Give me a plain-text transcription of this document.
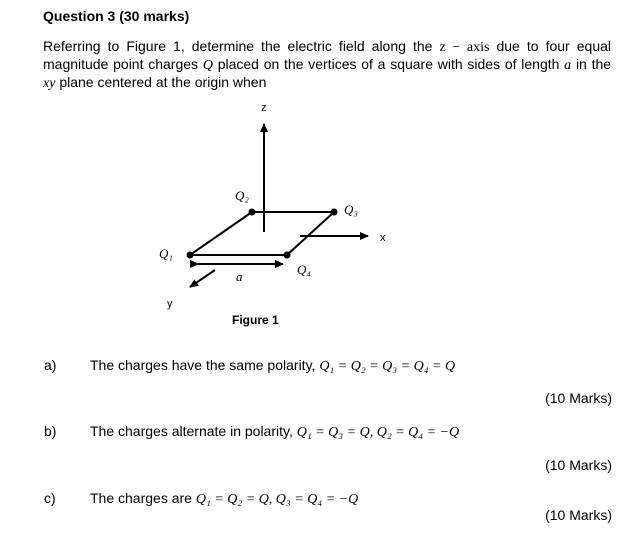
Question 3 (30 marks)
Referring to Figure 1, determine the electric field along the z − axis due to four equal magnitude point charges Q placed on the vertices of a square with sides of length a in the xy plane centered at the origin when
z
x
y
Q₁
Q₂
Q₃
Q₄
a
Figure 1
a) The charges have the same polarity, Q₁ = Q₂ = Q₃ = Q₄ = Q
(10 Marks)
b) The charges alternate in polarity, Q₁ = Q₃ = Q, Q₂ = Q₄ = −Q
(10 Marks)
c) The charges are Q₁ = Q₂ = Q, Q₃ = Q₄ = −Q
(10 Marks)
